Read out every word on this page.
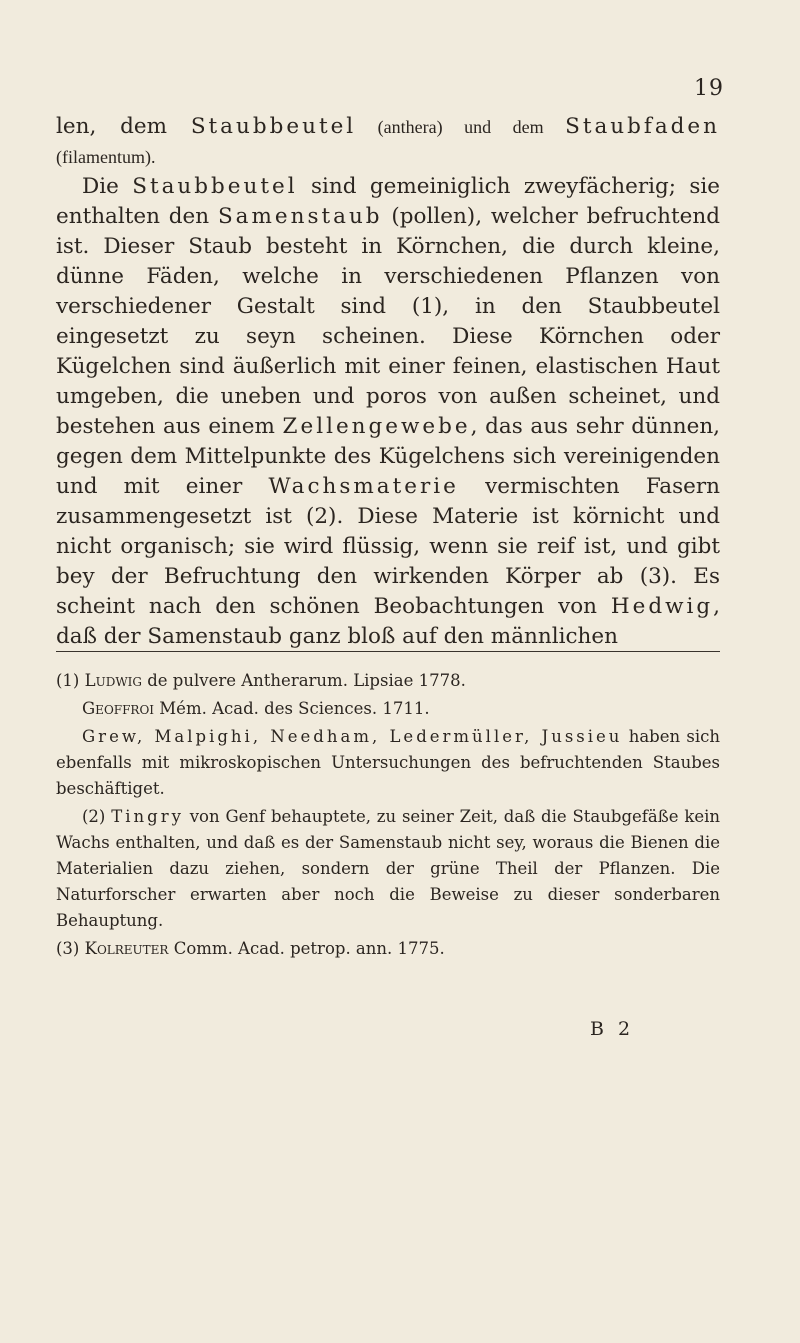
19

len, dem Staubbeutel (anthera) und dem Staubfaden (filamentum).

Die Staubbeutel sind gemeiniglich zweyfächerig; sie enthalten den Samenstaub (pollen), welcher befruchtend ist. Dieser Staub besteht in Körnchen, die durch kleine, dünne Fäden, welche in verschiedenen Pflanzen von verschiedener Gestalt sind (1), in den Staubbeutel eingesetzt zu seyn scheinen. Diese Körnchen oder Kügelchen sind äußerlich mit einer feinen, elastischen Haut umgeben, die uneben und poros von außen scheinet, und bestehen aus einem Zellengewebe, das aus sehr dünnen, gegen dem Mittelpunkte des Kügelchens sich vereinigenden und mit einer Wachsmaterie vermischten Fasern zusammengesetzt ist (2). Diese Materie ist körnicht und nicht organisch; sie wird flüssig, wenn sie reif ist, und gibt bey der Befruchtung den wirkenden Körper ab (3). Es scheint nach den schönen Beobachtungen von Hedwig, daß der Samenstaub ganz bloß auf den männlichen

(1) Ludwig de pulvere Antherarum. Lipsiae 1778.

Geoffroi Mém. Acad. des Sciences. 1711.

Grew, Malpighi, Needham, Ledermüller, Jussieu haben sich ebenfalls mit mikroskopischen Untersuchungen des befruchtenden Staubes beschäftiget.

(2) Tingry von Genf behauptete, zu seiner Zeit, daß die Staubgefäße kein Wachs enthalten, und daß es der Samenstaub nicht sey, woraus die Bienen die Materialien dazu ziehen, sondern der grüne Theil der Pflanzen. Die Naturforscher erwarten aber noch die Beweise zu dieser sonderbaren Behauptung.

(3) Kolreuter Comm. Acad. petrop. ann. 1775.

B 2
